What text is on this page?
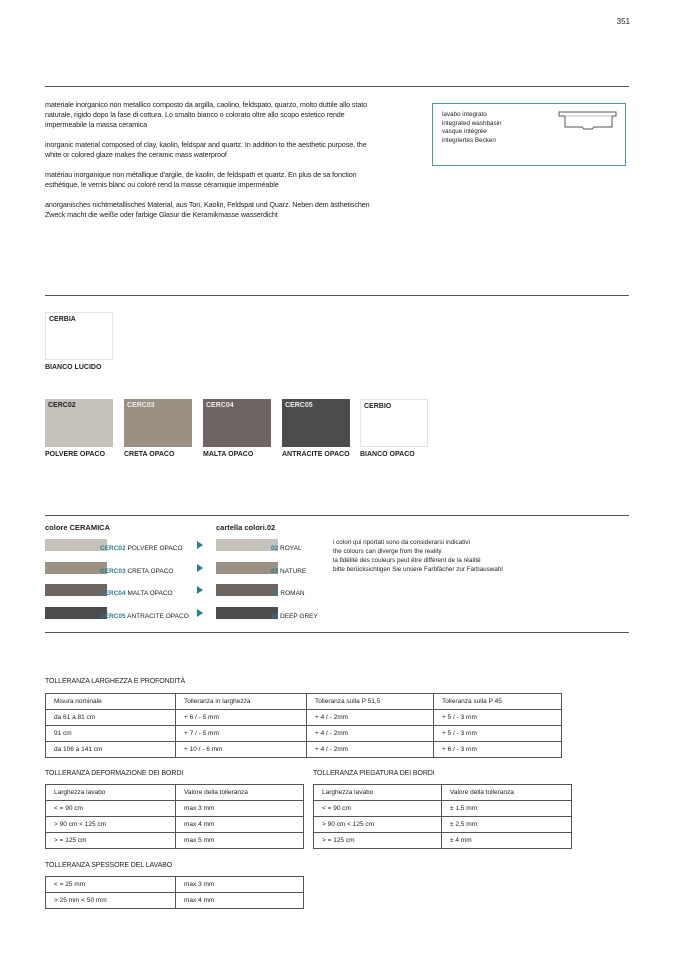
351

materiale inorganico non metallico composto da argilla, caolino, feldspato, quarzo, molto duttile allo stato naturale, rigido dopo la fase di cottura. Lo smalto bianco o colorato oltre allo scopo estetico rende impermeabile la massa ceramica

inorganic material composed of clay, kaolin, feldspar and quartz. In addition to the aesthetic purpose, the white or colored glaze makes the ceramic mass waterproof

matériau inorganique non métallique d'argile, de kaolin, de feldspath et quartz. En plus de sa fonction esthétique, le vernis blanc ou coloré rend la masse céramique imperméable

anorganisches nichtmetallisches Material, aus Ton, Kaolin, Feldspat und Quarz. Neben dem ästhetischen Zweck macht die weiße oder farbige Glasur die Keramikmasse wasserdicht

lavabo integrato
integrated washbasin
vasque intégrée
integriertes Becken
CERBIA
BIANCO LUCIDO
CERC02
POLVERE OPACO
CERC03
CRETA OPACO
CERC04
MALTA OPACO
CERC05
ANTRACITE OPACO
CERBIO
BIANCO OPACO
colore CERAMICA	cartella colori.02
CERC02 POLVERE OPACO	02 ROYAL
CERC03 CRETA OPACO	03 NATURE
CERC04 MALTA OPACO	0F ROMAN
CERC05 ANTRACITE OPACO	16 DEEP GREY
i colori qui riportati sono da considerarsi indicativi
the colours can diverge from the reality
la fidélité des couleurs peut être différent de la réalité
bitte berücksichtigen Sie unsere Farbfächer zur Farbauswahl
TOLLERANZA LARGHEZZA E PROFONDITÀ
Misura nominale	Tolleranza in larghezza	Tolleranza sulla P 51,5	Tolleranza sulla P 45
da 61 a 81 cm	+ 6 / - 5 mm	+ 4 / - 2mm	+ 5 / - 3 mm
91 cm	+ 7 / - 5 mm	+ 4 / - 2mm	+ 5 / - 3 mm
da 106 a 141 cm	+ 10 / - 6 mm	+ 4 / - 2mm	+ 6 / - 3 mm
TOLLERANZA DEFORMAZIONE DEI BORDI
Larghezza lavabo	Valore della tolleranza
< = 90 cm	max 3 mm
> 90 cm < 125 cm	max 4 mm
> = 125 cm	max 5 mm
TOLLERANZA PIEGATURA DEI BORDI
Larghezza lavabo	Valore della tolleranza
< = 90 cm	± 1,5 mm
> 90 cm < 125 cm	± 2,5 mm
> = 125 cm	± 4 mm
TOLLERANZA SPESSORE DEL LAVABO
< = 25 mm	max 3 mm
> 25 mm < 50 mm	max 4 mm
